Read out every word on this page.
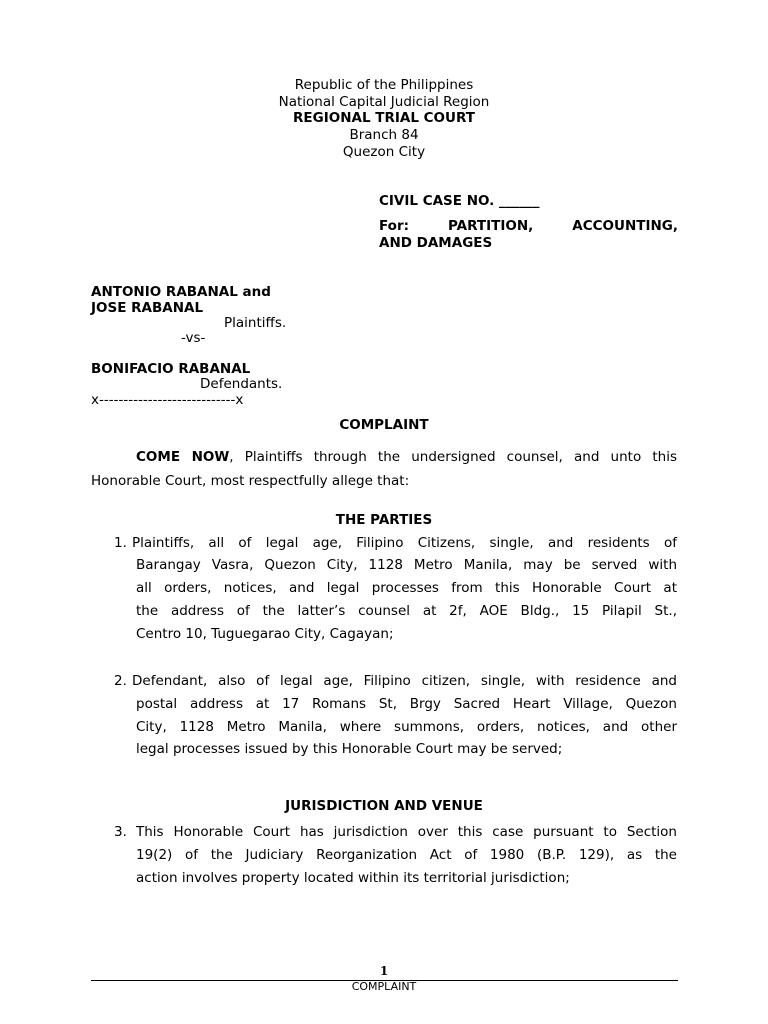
Republic of the Philippines
National Capital Judicial Region
REGIONAL TRIAL COURT
Branch 84
Quezon City
CIVIL CASE NO. ______
For:	PARTITION,	ACCOUNTING,
AND DAMAGES
ANTONIO RABANAL and
JOSE RABANAL
Plaintiffs.
-vs-
BONIFACIO RABANAL
Defendants.
x----------------------------x
COMPLAINT
COME NOW, Plaintiffs through the undersigned counsel, and unto this
Honorable Court, most respectfully allege that:
THE PARTIES
1. Plaintiffs, all of legal age, Filipino Citizens, single, and residents of
Barangay Vasra, Quezon City, 1128 Metro Manila, may be served with
all orders, notices, and legal processes from this Honorable Court at
the address of the latter’s counsel at 2f, AOE Bldg., 15 Pilapil St.,
Centro 10, Tuguegarao City, Cagayan;
2. Defendant, also of legal age, Filipino citizen, single, with residence and
postal address at 17 Romans St, Brgy Sacred Heart Village, Quezon
City, 1128 Metro Manila, where summons, orders, notices, and other
legal processes issued by this Honorable Court may be served;
JURISDICTION AND VENUE
3. This Honorable Court has jurisdiction over this case pursuant to Section
19(2) of the Judiciary Reorganization Act of 1980 (B.P. 129), as the
action involves property located within its territorial jurisdiction;
1
COMPLAINT
